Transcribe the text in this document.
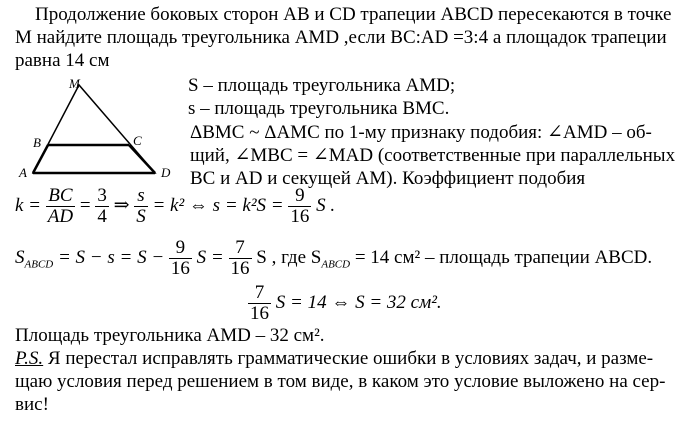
Продолжение боковых сторон AB и CD трапеции ABCD пересекаются в точке
M найдите площадь треугольника AMD ,если BC:AD =3:4 а площадок трапеции
равна 14 см
M
B	C
A	D
S – площадь треугольника AMD;
s – площадь треугольника BMC.
ΔBMC ~ ΔAMC по 1-му признаку подобия: ∠AMD – об-
щий, ∠MBC = ∠MAD (соответственные при параллельных
BC и AD и секущей AM). Коэффициент подобия
$k = \frac{BC}{AD} = \frac{3}{4}$ ⇒ $\frac{s}{S} = k^2$ ⇔ $s = k^2S = \frac{9}{16}$ S .
$S_{ABCD} = S - s = S - \frac{9}{16}$ $S = \frac{7}{16}$ S , где $S_{ABCD} = 14$ см² – площадь трапеции ABCD.
$\frac{7}{16}$ S = 14 ⇔ S = 32 см².
Площадь треугольника AMD – 32 см².
P.S. Я перестал исправлять грамматические ошибки в условиях задач, и разме-
щаю условия перед решением в том виде, в каком это условие выложено на сер-
вис!
